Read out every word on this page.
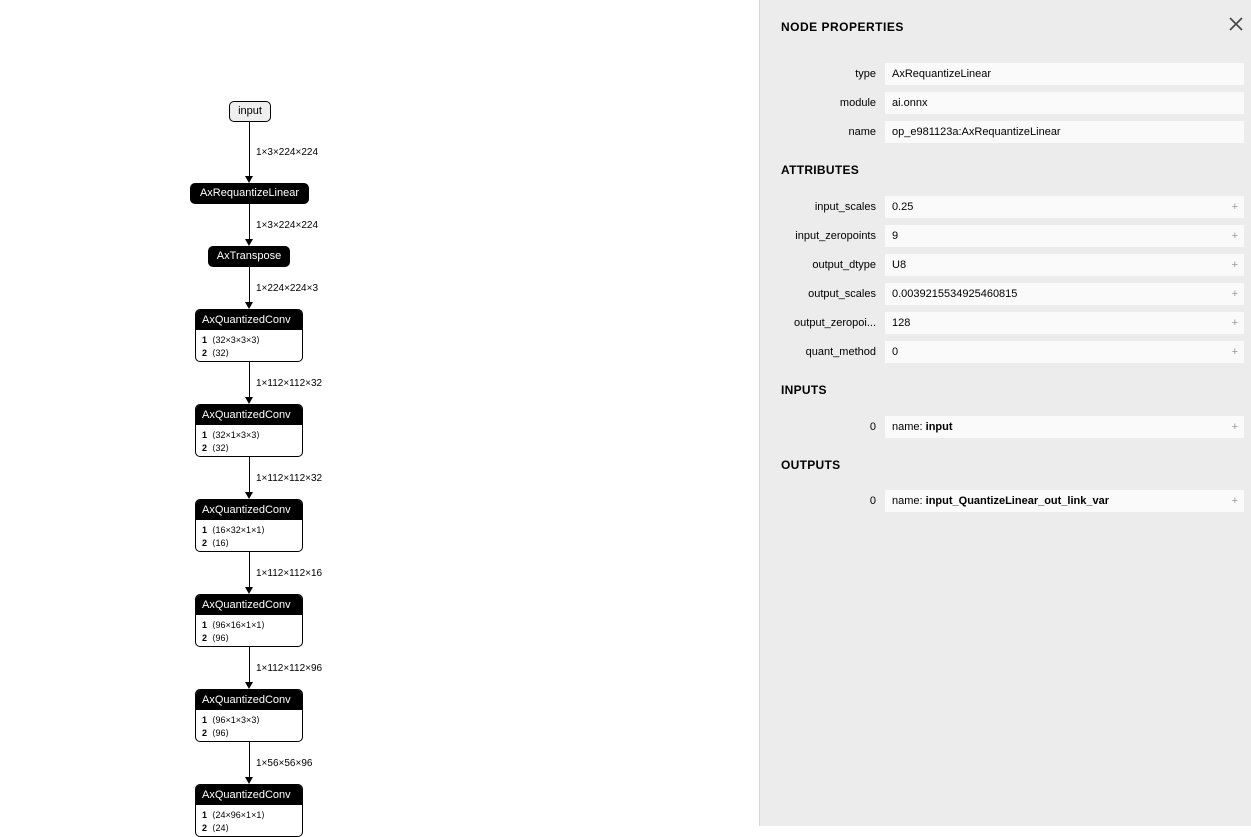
input
1×3×224×224
1×3×224×224
1×224×224×3
1×112×112×32
1×112×112×32
1×112×112×16
1×112×112×96
1×56×56×96
AxRequantizeLinear
AxTranspose
AxQuantizedConv
1 ⟨32×3×3×3⟩
2 ⟨32⟩
AxQuantizedConv
1 ⟨32×1×3×3⟩
2 ⟨32⟩
AxQuantizedConv
1 ⟨16×32×1×1⟩
2 ⟨16⟩
AxQuantizedConv
1 ⟨96×16×1×1⟩
2 ⟨96⟩
AxQuantizedConv
1 ⟨96×1×3×3⟩
2 ⟨96⟩
AxQuantizedConv
1 ⟨24×96×1×1⟩
2 ⟨24⟩
NODE PROPERTIES
type	AxRequantizeLinear
module	ai.onnx
name	op_e981123a:AxRequantizeLinear
ATTRIBUTES
input_scales	0.25	+
input_zeropoints	9	+
output_dtype	U8	+
output_scales	0.0039215534925460815	+
output_zeropoi...	128	+
quant_method	0	+
INPUTS
0	name: input	+
OUTPUTS
0	name: input_QuantizeLinear_out_link_var	+
